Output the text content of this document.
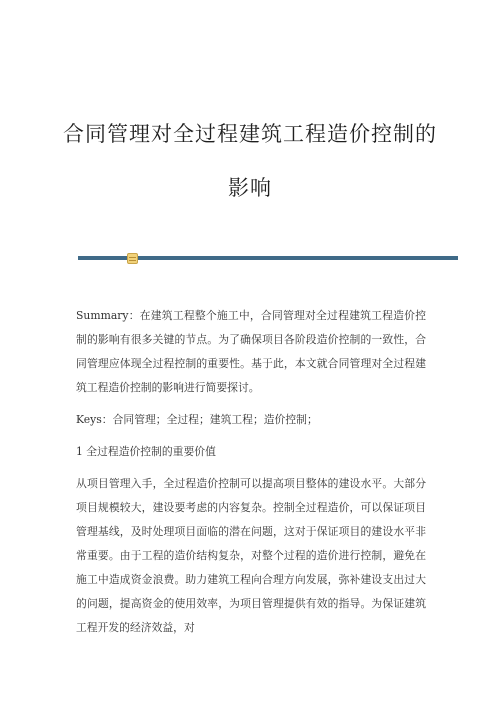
合同管理对全过程建筑工程造价控制的
影响

Summary：在建筑工程整个施工中，合同管理对全过程建筑工程造价控制的影响有很多关键的节点。为了确保项目各阶段造价控制的一致性，合同管理应体现全过程控制的重要性。基于此，本文就合同管理对全过程建筑工程造价控制的影响进行简要探讨。

Keys：合同管理；全过程；建筑工程；造价控制；

1 全过程造价控制的重要价值

从项目管理入手，全过程造价控制可以提高项目整体的建设水平。大部分项目规模较大，建设要考虑的内容复杂。控制全过程造价，可以保证项目管理基线，及时处理项目面临的潜在问题，这对于保证项目的建设水平非常重要。由于工程的造价结构复杂，对整个过程的造价进行控制，避免在施工中造成资金浪费。助力建筑工程向合理方向发展，弥补建设支出过大的问题，提高资金的使用效率，为项目管理提供有效的指导。为保证建筑工程开发的经济效益，对
